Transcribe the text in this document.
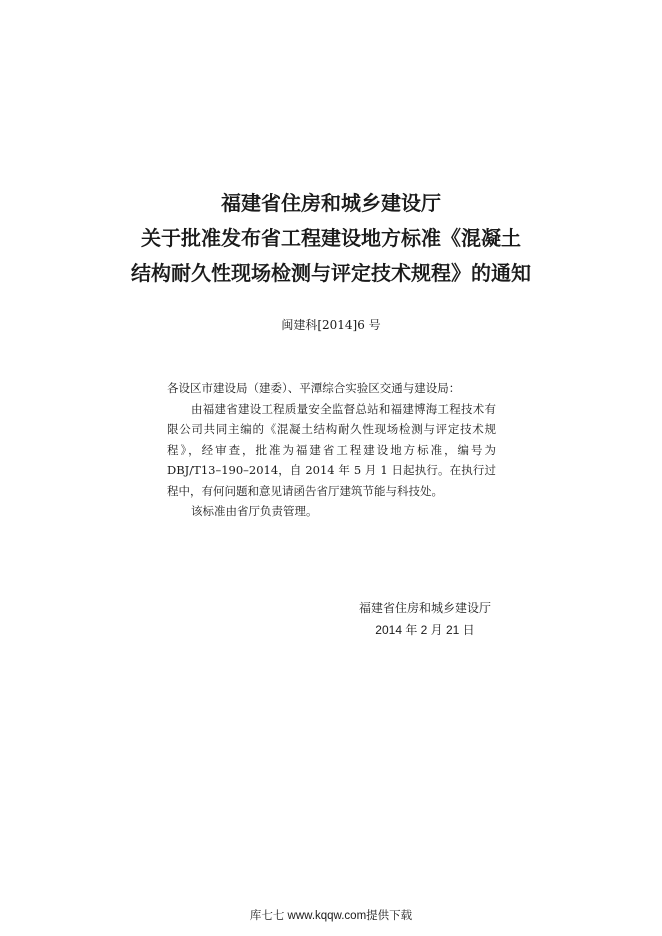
福建省住房和城乡建设厅
关于批准发布省工程建设地方标准《混凝土
结构耐久性现场检测与评定技术规程》的通知
闽建科[2014]6 号

各设区市建设局（建委）、平潭综合实验区交通与建设局：

由福建省建设工程质量安全监督总站和福建博海工程技术有限公司共同主编的《混凝土结构耐久性现场检测与评定技术规程》，经审查，批准为福建省工程建设地方标准，编号为DBJ/T13–190–2014，自 2014 年 5 月 1 日起执行。在执行过程中，有何问题和意见请函告省厅建筑节能与科技处。

该标准由省厅负责管理。

福建省住房和城乡建设厅
2014 年 2 月 21 日
库七七 www.kqqw.com提供下载
